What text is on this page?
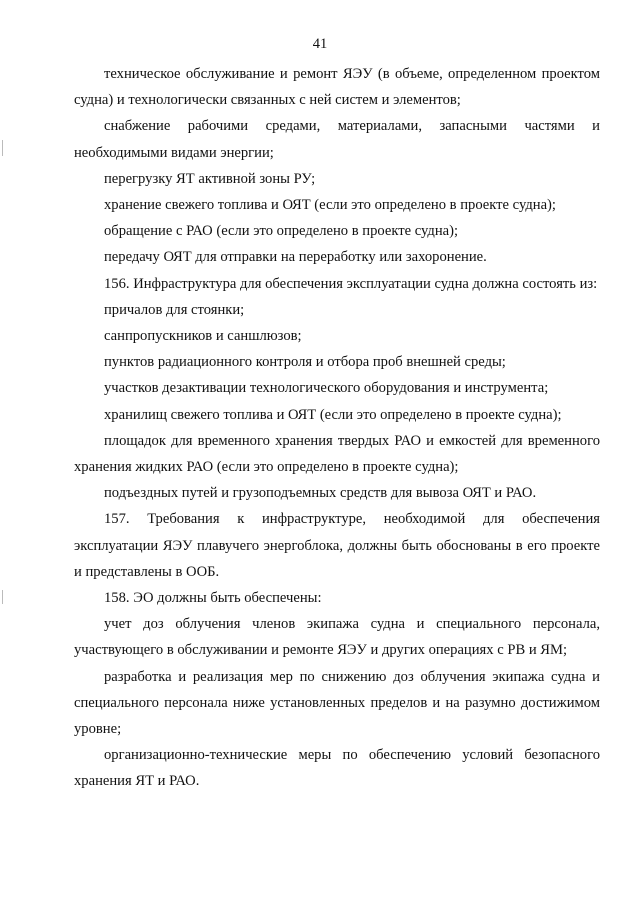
41

техническое обслуживание и ремонт ЯЭУ (в объеме, определенном проектом судна) и технологически связанных с ней систем и элементов;

снабжение рабочими средами, материалами, запасными частями и необходимыми видами энергии;

перегрузку ЯТ активной зоны РУ;

хранение свежего топлива и ОЯТ (если это определено в проекте судна);

обращение с РАО (если это определено в проекте судна);

передачу ОЯТ для отправки на переработку или захоронение.

156. Инфраструктура для обеспечения эксплуатации судна должна состоять из:

причалов для стоянки;

санпропускников и саншлюзов;

пунктов радиационного контроля и отбора проб внешней среды;

участков дезактивации технологического оборудования и инструмента;

хранилищ свежего топлива и ОЯТ (если это определено в проекте судна);

площадок для временного хранения твердых РАО и емкостей для временного хранения жидких РАО (если это определено в проекте судна);

подъездных путей и грузоподъемных средств для вывоза ОЯТ и РАО.

157. Требования к инфраструктуре, необходимой для обеспечения эксплуатации ЯЭУ плавучего энергоблока, должны быть обоснованы в его проекте и представлены в ООБ.

158. ЭО должны быть обеспечены:

учет доз облучения членов экипажа судна и специального персонала, участвующего в обслуживании и ремонте ЯЭУ и других операциях с РВ и ЯМ;

разработка и реализация мер по снижению доз облучения экипажа судна и специального персонала ниже установленных пределов и на разумно достижимом уровне;

организационно-технические меры по обеспечению условий безопасного хранения ЯТ и РАО.
